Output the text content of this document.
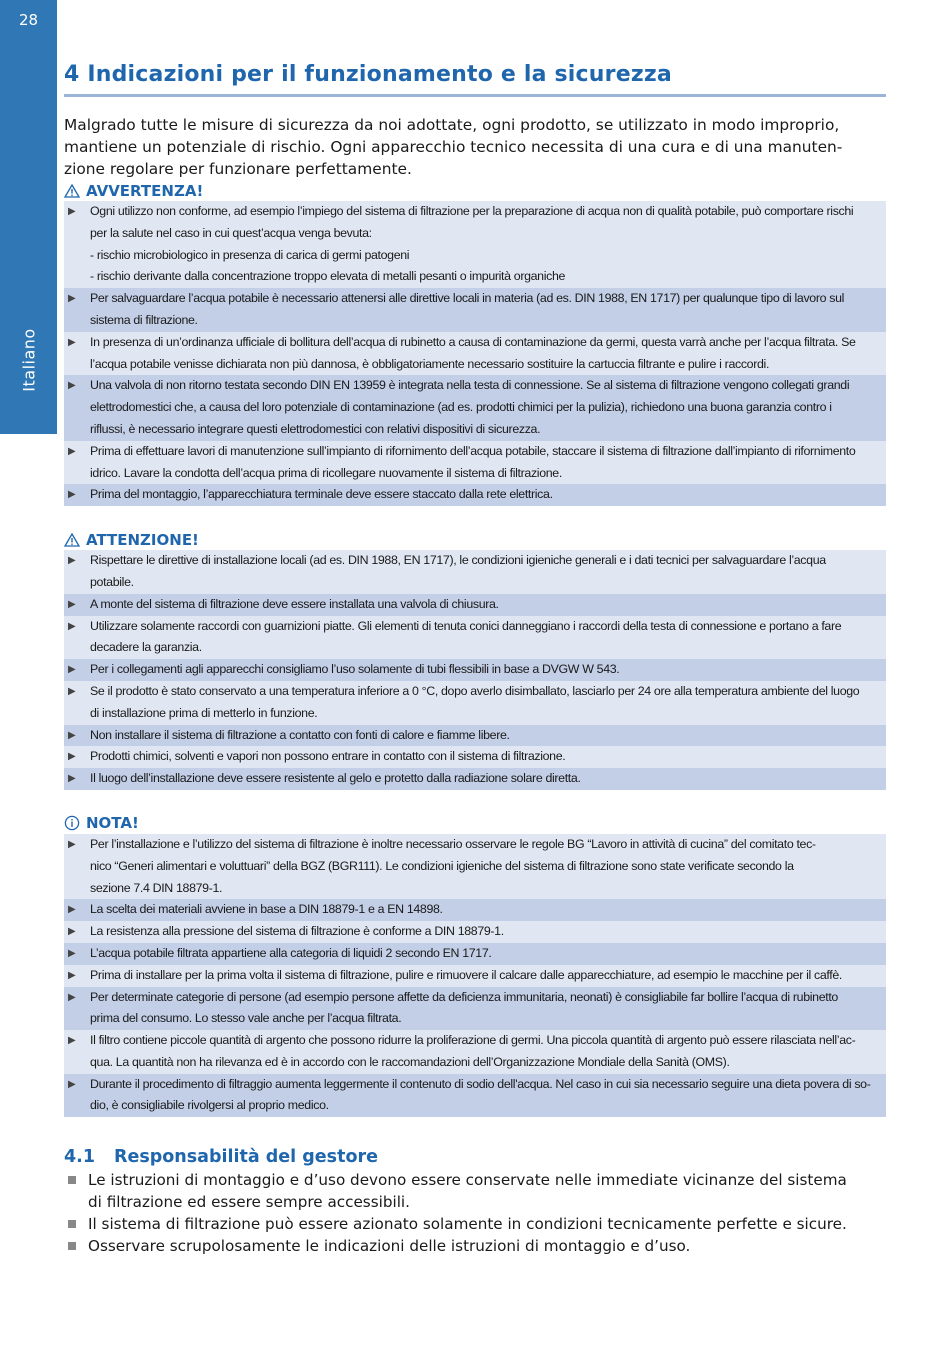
28
Italiano
4 Indicazioni per il funzionamento e la sicurezza
Malgrado tutte le misure di sicurezza da noi adottate, ogni prodotto, se utilizzato in modo improprio,
mantiene un potenziale di rischio. Ogni apparecchio tecnico necessita di una cura e di una manuten-
zione regolare per funzionare perfettamente.
AVVERTENZA!
▶	Ogni utilizzo non conforme, ad esempio l’impiego del sistema di filtrazione per la preparazione di acqua non di qualità potabile, può comportare rischi
per la salute nel caso in cui quest’acqua venga bevuta:
- rischio microbiologico in presenza di carica di germi patogeni
- rischio derivante dalla concentrazione troppo elevata di metalli pesanti o impurità organiche
▶	Per salvaguardare l’acqua potabile è necessario attenersi alle direttive locali in materia (ad es. DIN 1988, EN 1717) per qualunque tipo di lavoro sul
sistema di filtrazione.
▶	In presenza di un’ordinanza ufficiale di bollitura dell’acqua di rubinetto a causa di contaminazione da germi, questa varrà anche per l’acqua filtrata. Se
l’acqua potabile venisse dichiarata non più dannosa, è obbligatoriamente necessario sostituire la cartuccia filtrante e pulire i raccordi.
▶	Una valvola di non ritorno testata secondo DIN EN 13959 è integrata nella testa di connessione. Se al sistema di filtrazione vengono collegati grandi
elettrodomestici che, a causa del loro potenziale di contaminazione (ad es. prodotti chimici per la pulizia), richiedono una buona garanzia contro i
riflussi, è necessario integrare questi elettrodomestici con relativi dispositivi di sicurezza.
▶	Prima di effettuare lavori di manutenzione sull’impianto di rifornimento dell’acqua potabile, staccare il sistema di filtrazione dall’impianto di rifornimento
idrico. Lavare la condotta dell’acqua prima di ricollegare nuovamente il sistema di filtrazione.
▶	Prima del montaggio, l’apparecchiatura terminale deve essere staccato dalla rete elettrica.
ATTENZIONE!
▶	Rispettare le direttive di installazione locali (ad es. DIN 1988, EN 1717), le condizioni igieniche generali e i dati tecnici per salvaguardare l’acqua
potabile.
▶	A monte del sistema di filtrazione deve essere installata una valvola di chiusura.
▶	Utilizzare solamente raccordi con guarnizioni piatte. Gli elementi di tenuta conici danneggiano i raccordi della testa di connessione e portano a fare
decadere la garanzia.
▶	Per i collegamenti agli apparecchi consigliamo l’uso solamente di tubi flessibili in base a DVGW W 543.
▶	Se il prodotto è stato conservato a una temperatura inferiore a 0 °C, dopo averlo disimballato, lasciarlo per 24 ore alla temperatura ambiente del luogo
di installazione prima di metterlo in funzione.
▶	Non installare il sistema di filtrazione a contatto con fonti di calore e fiamme libere.
▶	Prodotti chimici, solventi e vapori non possono entrare in contatto con il sistema di filtrazione.
▶	Il luogo dell’installazione deve essere resistente al gelo e protetto dalla radiazione solare diretta.
NOTA!
▶	Per l’installazione e l’utilizzo del sistema di filtrazione è inoltre necessario osservare le regole BG “Lavoro in attività di cucina” del comitato tec-
nico “Generi alimentari e voluttuari” della BGZ (BGR111). Le condizioni igieniche del sistema di filtrazione sono state verificate secondo la
sezione 7.4 DIN 18879-1.
▶	La scelta dei materiali avviene in base a DIN 18879-1 e a EN 14898.
▶	La resistenza alla pressione del sistema di filtrazione è conforme a DIN 18879-1.
▶	L’acqua potabile filtrata appartiene alla categoria di liquidi 2 secondo EN 1717.
▶	Prima di installare per la prima volta il sistema di filtrazione, pulire e rimuovere il calcare dalle apparecchiature, ad esempio le macchine per il caffè.
▶	Per determinate categorie di persone (ad esempio persone affette da deficienza immunitaria, neonati) è consigliabile far bollire l’acqua di rubinetto
prima del consumo. Lo stesso vale anche per l’acqua filtrata.
▶	Il filtro contiene piccole quantità di argento che possono ridurre la proliferazione di germi. Una piccola quantità di argento può essere rilasciata nell’ac-
qua. La quantità non ha rilevanza ed è in accordo con le raccomandazioni dell’Organizzazione Mondiale della Sanità (OMS).
▶	Durante il procedimento di filtraggio aumenta leggermente il contenuto di sodio dell'acqua. Nel caso in cui sia necessario seguire una dieta povera di so-
dio, è consigliabile rivolgersi al proprio medico.
4.1 Responsabilità del gestore
Le istruzioni di montaggio e d’uso devono essere conservate nelle immediate vicinanze del sistema
di filtrazione ed essere sempre accessibili.
Il sistema di filtrazione può essere azionato solamente in condizioni tecnicamente perfette e sicure.
Osservare scrupolosamente le indicazioni delle istruzioni di montaggio e d’uso.
